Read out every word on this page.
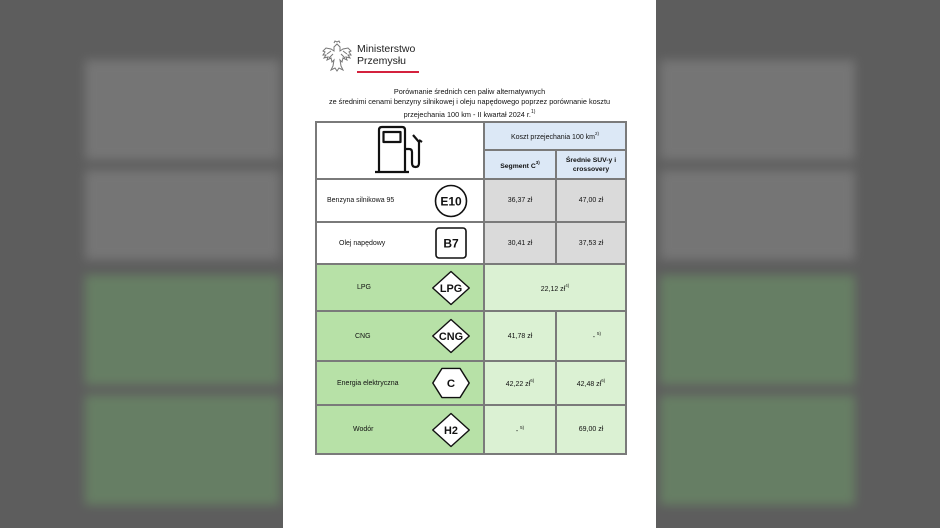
Ministerstwo
Przemysłu
Porównanie średnich cen paliw alternatywnych
ze średnimi cenami benzyny silnikowej i oleju napędowego poprzez porównanie kosztu
przejechania 100 km - II kwartał 2024 r.$^{1)}$
	Koszt przejechania 100 $km^{2)}$
	Segment $C^{3)}$	Średnie SUV-y i crossovery

Benzyna silnikowa 95 E10	36,37 zł	47,00 zł

Olej napędowy B7	30,41 zł	37,53 zł

LPG LPG	22,12 $zł^{4)}$

CNG CNG	41,78 zł	- $^{5)}$

Energia elektryczna C	42,22 $zł^{6)}$	42,48 $zł^{6)}$

Wodór H2	- $^{5)}$	69,00 zł
